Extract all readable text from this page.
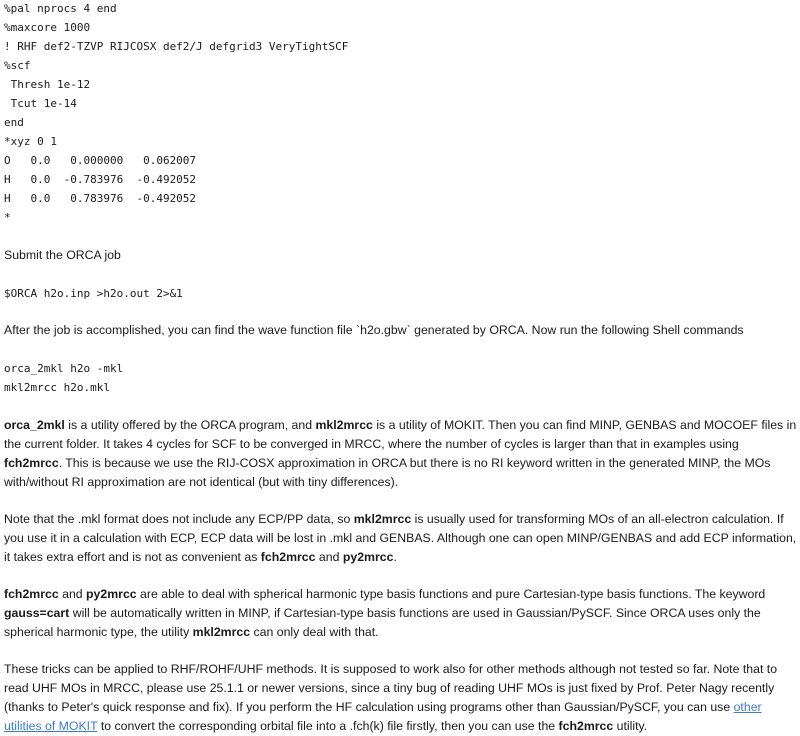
%pal nprocs 4 end
%maxcore 1000
! RHF def2-TZVP RIJCOSX def2/J defgrid3 VeryTightSCF
%scf
Thresh 1e-12
Tcut 1e-14
end
*xyz 0 1
O   0.0   0.000000   0.062007
H   0.0  -0.783976  -0.492052
H   0.0   0.783976  -0.492052
*

Submit the ORCA job

$ORCA h2o.inp >h2o.out 2>&1

After the job is accomplished, you can find the wave function file `h2o.gbw` generated by ORCA. Now run the following Shell commands

orca_2mkl h2o -mkl
mkl2mrcc h2o.mkl

orca_2mkl is a utility offered by the ORCA program, and mkl2mrcc is a utility of MOKIT. Then you can find MINP, GENBAS and MOCOEF files in the current folder. It takes 4 cycles for SCF to be converged in MRCC, where the number of cycles is larger than that in examples using fch2mrcc. This is because we use the RIJ-COSX approximation in ORCA but there is no RI keyword written in the generated MINP, the MOs with/without RI approximation are not identical (but with tiny differences).

Note that the .mkl format does not include any ECP/PP data, so mkl2mrcc is usually used for transforming MOs of an all-electron calculation. If you use it in a calculation with ECP, ECP data will be lost in .mkl and GENBAS. Although one can open MINP/GENBAS and add ECP information, it takes extra effort and is not as convenient as fch2mrcc and py2mrcc.

fch2mrcc and py2mrcc are able to deal with spherical harmonic type basis functions and pure Cartesian-type basis functions. The keyword gauss=cart will be automatically written in MINP, if Cartesian-type basis functions are used in Gaussian/PySCF. Since ORCA uses only the spherical harmonic type, the utility mkl2mrcc can only deal with that.

These tricks can be applied to RHF/ROHF/UHF methods. It is supposed to work also for other methods although not tested so far. Note that to read UHF MOs in MRCC, please use 25.1.1 or newer versions, since a tiny bug of reading UHF MOs is just fixed by Prof. Peter Nagy recently (thanks to Peter's quick response and fix). If you perform the HF calculation using programs other than Gaussian/PySCF, you can use other utilities of MOKIT to convert the corresponding orbital file into a .fch(k) file firstly, then you can use the fch2mrcc utility.
